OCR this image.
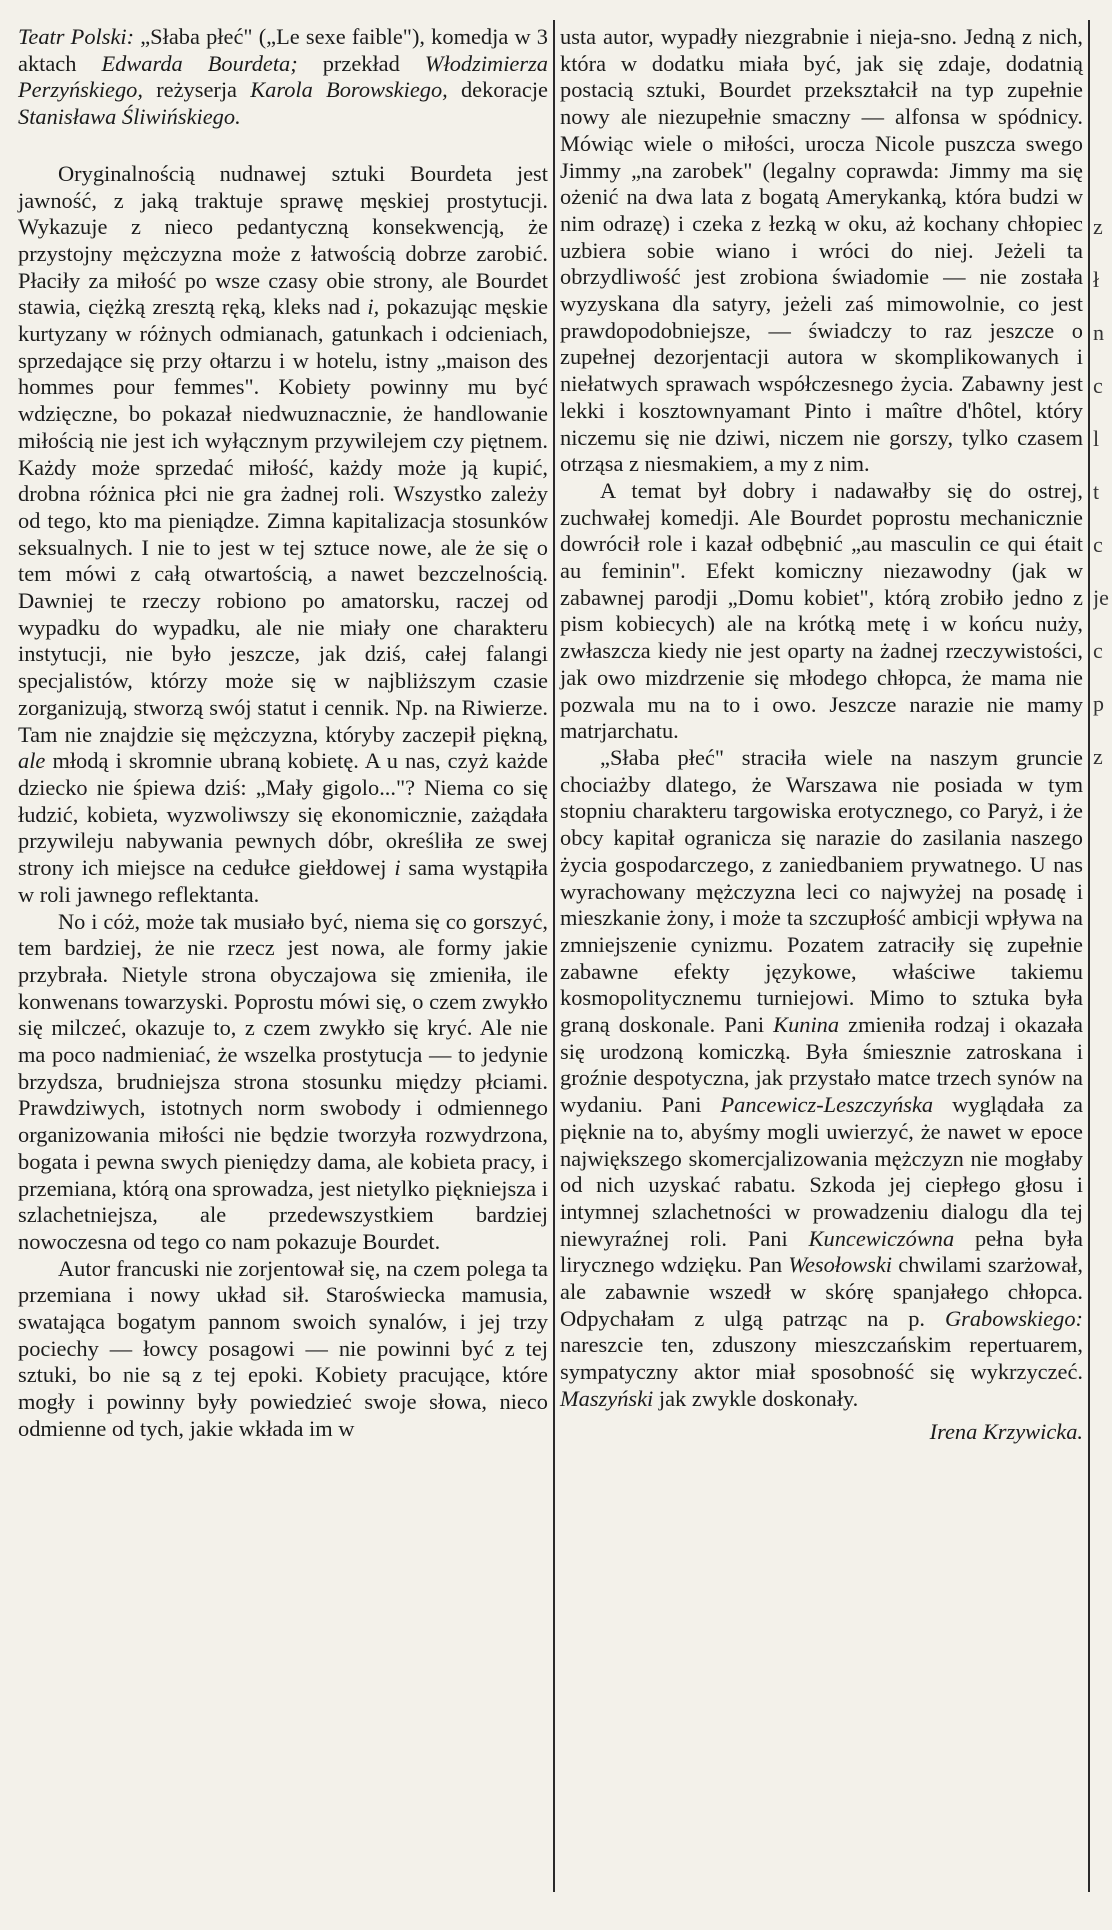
Teatr Polski: „Słaba płeć" („Le sexe faible"), komedja w 3 aktach Edwarda Bourdeta; przekład Włodzimierza Perzyńskiego, reżyserja Karola Borowskiego, dekoracje Stanisława Śliwińskiego.

Oryginalnością nudnawej sztuki Bourdeta jest jawność, z jaką traktuje sprawę męskiej prostytucji. Wykazuje z nieco pedantyczną konsekwencją, że przystojny mężczyzna może z łatwością dobrze zarobić. Płaciły za miłość po wsze czasy obie strony, ale Bourdet stawia, ciężką zresztą ręką, kleks nad i, pokazując męskie kurtyzany w różnych odmianach, gatunkach i odcieniach, sprzedające się przy ołtarzu i w hotelu, istny „maison des hommes pour femmes". Kobiety powinny mu być wdzięczne, bo pokazał niedwuznacznie, że handlowanie miłością nie jest ich wyłącznym przywilejem czy piętnem. Każdy może sprzedać miłość, każdy może ją kupić, drobna różnica płci nie gra żadnej roli. Wszystko zależy od tego, kto ma pieniądze. Zimna kapitalizacja stosunków seksualnych. I nie to jest w tej sztuce nowe, ale że się o tem mówi z całą otwartością, a nawet bezczelnością. Dawniej te rzeczy robiono po amatorsku, raczej od wypadku do wypadku, ale nie miały one charakteru instytucji, nie było jeszcze, jak dziś, całej falangi specjalistów, którzy może się w najbliższym czasie zorganizują, stworzą swój statut i cennik. Np. na Riwierze. Tam nie znajdzie się mężczyzna, któryby zaczepił piękną, ale młodą i skromnie ubraną kobietę. A u nas, czyż każde dziecko nie śpiewa dziś: „Mały gigolo..."? Niema co się łudzić, kobieta, wyzwoliwszy się ekonomicznie, zażądała przywileju nabywania pewnych dóbr, określiła ze swej strony ich miejsce na cedułce giełdowej i sama wystąpiła w roli jawnego reflektanta.

No i cóż, może tak musiało być, niema się co gorszyć, tem bardziej, że nie rzecz jest nowa, ale formy jakie przybrała. Nietyle strona obyczajowa się zmieniła, ile konwenans towarzyski. Poprostu mówi się, o czem zwykło się milczeć, okazuje to, z czem zwykło się kryć. Ale nie ma poco nadmieniać, że wszelka prostytucja — to jedynie brzydsza, brudniejsza strona stosunku między płciami. Prawdziwych, istotnych norm swobody i odmiennego organizowania miłości nie będzie tworzyła rozwydrzona, bogata i pewna swych pieniędzy dama, ale kobieta pracy, i przemiana, którą ona sprowadza, jest nietylko piękniejsza i szlachetniejsza, ale przedewszystkiem bardziej nowoczesna od tego co nam pokazuje Bourdet.

Autor francuski nie zorjentował się, na czem polega ta przemiana i nowy układ sił. Staroświecka mamusia, swatająca bogatym pannom swoich synalów, i jej trzy pociechy — łowcy posagowi — nie powinni być z tej sztuki, bo nie są z tej epoki. Kobiety pracujące, które mogły i powinny były powiedzieć swoje słowa, nieco odmienne od tych, jakie wkłada im w

usta autor, wypadły niezgrabnie i nieja-sno. Jedną z nich, która w dodatku miała być, jak się zdaje, dodatnią postacią sztuki, Bourdet przekształcił na typ zupełnie nowy ale niezupełnie smaczny — alfonsa w spódnicy. Mówiąc wiele o miłości, urocza Nicole puszcza swego Jimmy „na zarobek" (legalny coprawda: Jimmy ma się ożenić na dwa lata z bogatą Amerykanką, która budzi w nim odrazę) i czeka z łezką w oku, aż kochany chłopiec uzbiera sobie wiano i wróci do niej. Jeżeli ta obrzydliwość jest zrobiona świadomie — nie została wyzyskana dla satyry, jeżeli zaś mimowolnie, co jest prawdopodobniejsze, — świadczy to raz jeszcze o zupełnej dezorjentacji autora w skomplikowanych i niełatwych sprawach współczesnego życia. Zabawny jest lekki i kosztownyamant Pinto i maître d'hôtel, który niczemu się nie dziwi, niczem nie gorszy, tylko czasem otrząsa z niesmakiem, a my z nim.

A temat był dobry i nadawałby się do ostrej, zuchwałej komedji. Ale Bourdet poprostu mechanicznie dowrócił role i kazał odbębnić „au masculin ce qui était au feminin". Efekt komiczny niezawodny (jak w zabawnej parodji „Domu kobiet", którą zrobiło jedno z pism kobiecych) ale na krótką metę i w końcu nuży, zwłaszcza kiedy nie jest oparty na żadnej rzeczywistości, jak owo mizdrzenie się młodego chłopca, że mama nie pozwala mu na to i owo. Jeszcze narazie nie mamy matrjarchatu.

„Słaba płeć" straciła wiele na naszym gruncie chociażby dlatego, że Warszawa nie posiada w tym stopniu charakteru targowiska erotycznego, co Paryż, i że obcy kapitał ogranicza się narazie do zasilania naszego życia gospodarczego, z zaniedbaniem prywatnego. U nas wyrachowany mężczyzna leci co najwyżej na posadę i mieszkanie żony, i może ta szczupłość ambicji wpływa na zmniejszenie cynizmu. Pozatem zatraciły się zupełnie zabawne efekty językowe, właściwe takiemu kosmopolitycznemu turniejowi. Mimo to sztuka była graną doskonale. Pani Kunina zmieniła rodzaj i okazała się urodzoną komiczką. Była śmiesznie zatroskana i groźnie despotyczna, jak przystało matce trzech synów na wydaniu. Pani Pancewicz-Leszczyńska wyglądała za pięknie na to, abyśmy mogli uwierzyć, że nawet w epoce największego skomercjalizowania mężczyzn nie mogłaby od nich uzyskać rabatu. Szkoda jej ciepłego głosu i intymnej szlachetności w prowadzeniu dialogu dla tej niewyraźnej roli. Pani Kuncewiczówna pełna była lirycznego wdzięku. Pan Wesołowski chwilami szarżował, ale zabawnie wszedł w skórę spanjałego chłopca. Odpychałam z ulgą patrząc na p. Grabowskiego: nareszcie ten, zduszony mieszczańskim repertuarem, sympatyczny aktor miał sposobność się wykrzyczeć. Maszyński jak zwykle doskonały.

Irena Krzywicka.
z
ł
n
c
l
t
c
je
c
p
z
